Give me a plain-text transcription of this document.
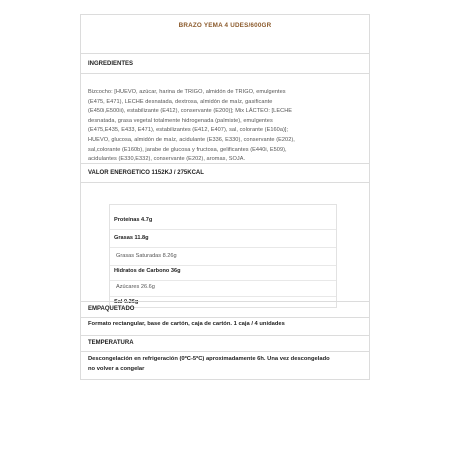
BRAZO YEMA 4 UDES/600GR
INGREDIENTES
Bizcocho: [HUEVO, azúcar, harina de TRIGO, almidón de TRIGO, emulgentes
(E475, E471), LECHE desnatada, dextrosa, almidón de maíz, gasificante
(E450i,E500ii), estabilizante (E412), conservante (E200)]; Mix LÁCTEO: [LECHE
desnatada, grasa vegetal totalmente hidrogenada (palmiste), emulgentes
(E475,E435, E433, E471), estabilizantes (E412, E407), sal, colorante (E160a)];
HUEVO, glucosa, almidón de maíz, acidulante (E336, E330), conservante (E202),
sal,colorante (E160b), jarabe de glucosa y fructosa, gelificantes (E440i, E509),
acidulantes (E330,E332), conservante (E202), aromas, SOJA.
VALOR ENERGETICO 1152KJ / 275KCAL
Proteínas 4.7g
Grasas 11.8g
Grasas Saturadas 8.26g
Hidratos de Carbono 36g
Azúcares 26.6g
Sal 0.26g
EMPAQUETADO
Formato rectangular, base de cartón, caja de cartón. 1 caja / 4 unidades
TEMPERATURA
Descongelación en refrigeración (0ºC-5ºC) aproximadamente 6h. Una vez descongelado
no volver a congelar
